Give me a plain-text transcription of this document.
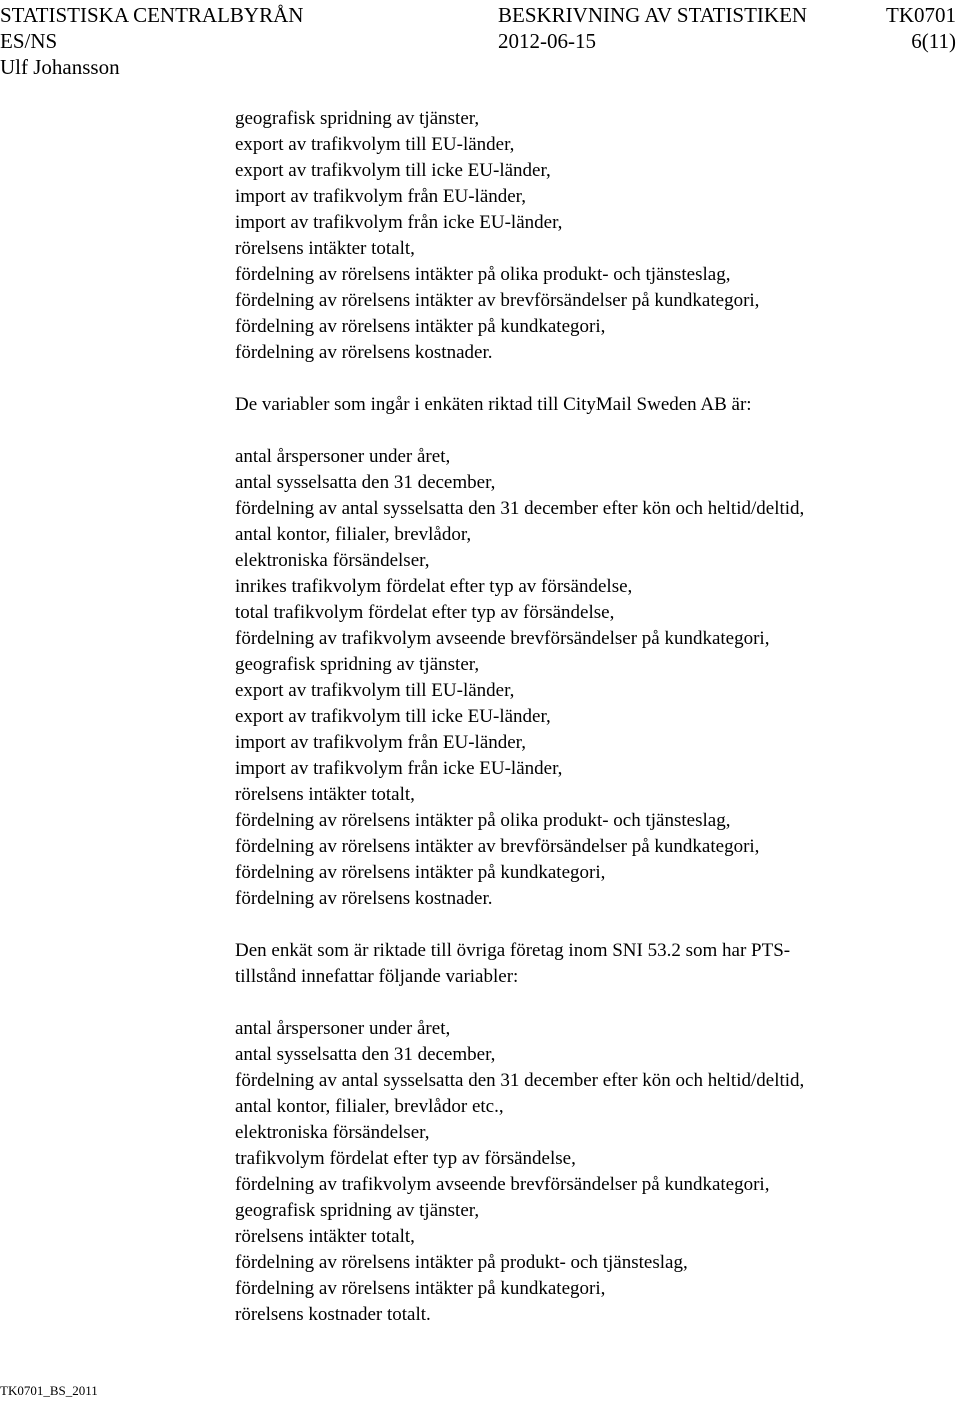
STATISTISKA CENTRALBYRÅN	BESKRIVNING AV STATISTIKEN	TK0701
ES/NS	2012-06-15	6(11)
Ulf Johansson
geografisk spridning av tjänster,
export av trafikvolym till EU-länder,
export av trafikvolym till icke EU-länder,
import av trafikvolym från EU-länder,
import av trafikvolym från icke EU-länder,
rörelsens intäkter totalt,
fördelning av rörelsens intäkter på olika produkt- och tjänsteslag,
fördelning av rörelsens intäkter av brevförsändelser på kundkategori,
fördelning av rörelsens intäkter på kundkategori,
fördelning av rörelsens kostnader.
De variabler som ingår i enkäten riktad till CityMail Sweden AB är:
antal årspersoner under året,
antal sysselsatta den 31 december,
fördelning av antal sysselsatta den 31 december efter kön och heltid/deltid,
antal kontor, filialer, brevlådor,
elektroniska försändelser,
inrikes trafikvolym fördelat efter typ av försändelse,
total trafikvolym fördelat efter typ av försändelse,
fördelning av trafikvolym avseende brevförsändelser på kundkategori,
geografisk spridning av tjänster,
export av trafikvolym till EU-länder,
export av trafikvolym till icke EU-länder,
import av trafikvolym från EU-länder,
import av trafikvolym från icke EU-länder,
rörelsens intäkter totalt,
fördelning av rörelsens intäkter på olika produkt- och tjänsteslag,
fördelning av rörelsens intäkter av brevförsändelser på kundkategori,
fördelning av rörelsens intäkter på kundkategori,
fördelning av rörelsens kostnader.
Den enkät som är riktade till övriga företag inom SNI 53.2 som har PTS-
tillstånd innefattar följande variabler:
antal årspersoner under året,
antal sysselsatta den 31 december,
fördelning av antal sysselsatta den 31 december efter kön och heltid/deltid,
antal kontor, filialer, brevlådor etc.,
elektroniska försändelser,
trafikvolym fördelat efter typ av försändelse,
fördelning av trafikvolym avseende brevförsändelser på kundkategori,
geografisk spridning av tjänster,
rörelsens intäkter totalt,
fördelning av rörelsens intäkter på produkt- och tjänsteslag,
fördelning av rörelsens intäkter på kundkategori,
rörelsens kostnader totalt.
TK0701_BS_2011
